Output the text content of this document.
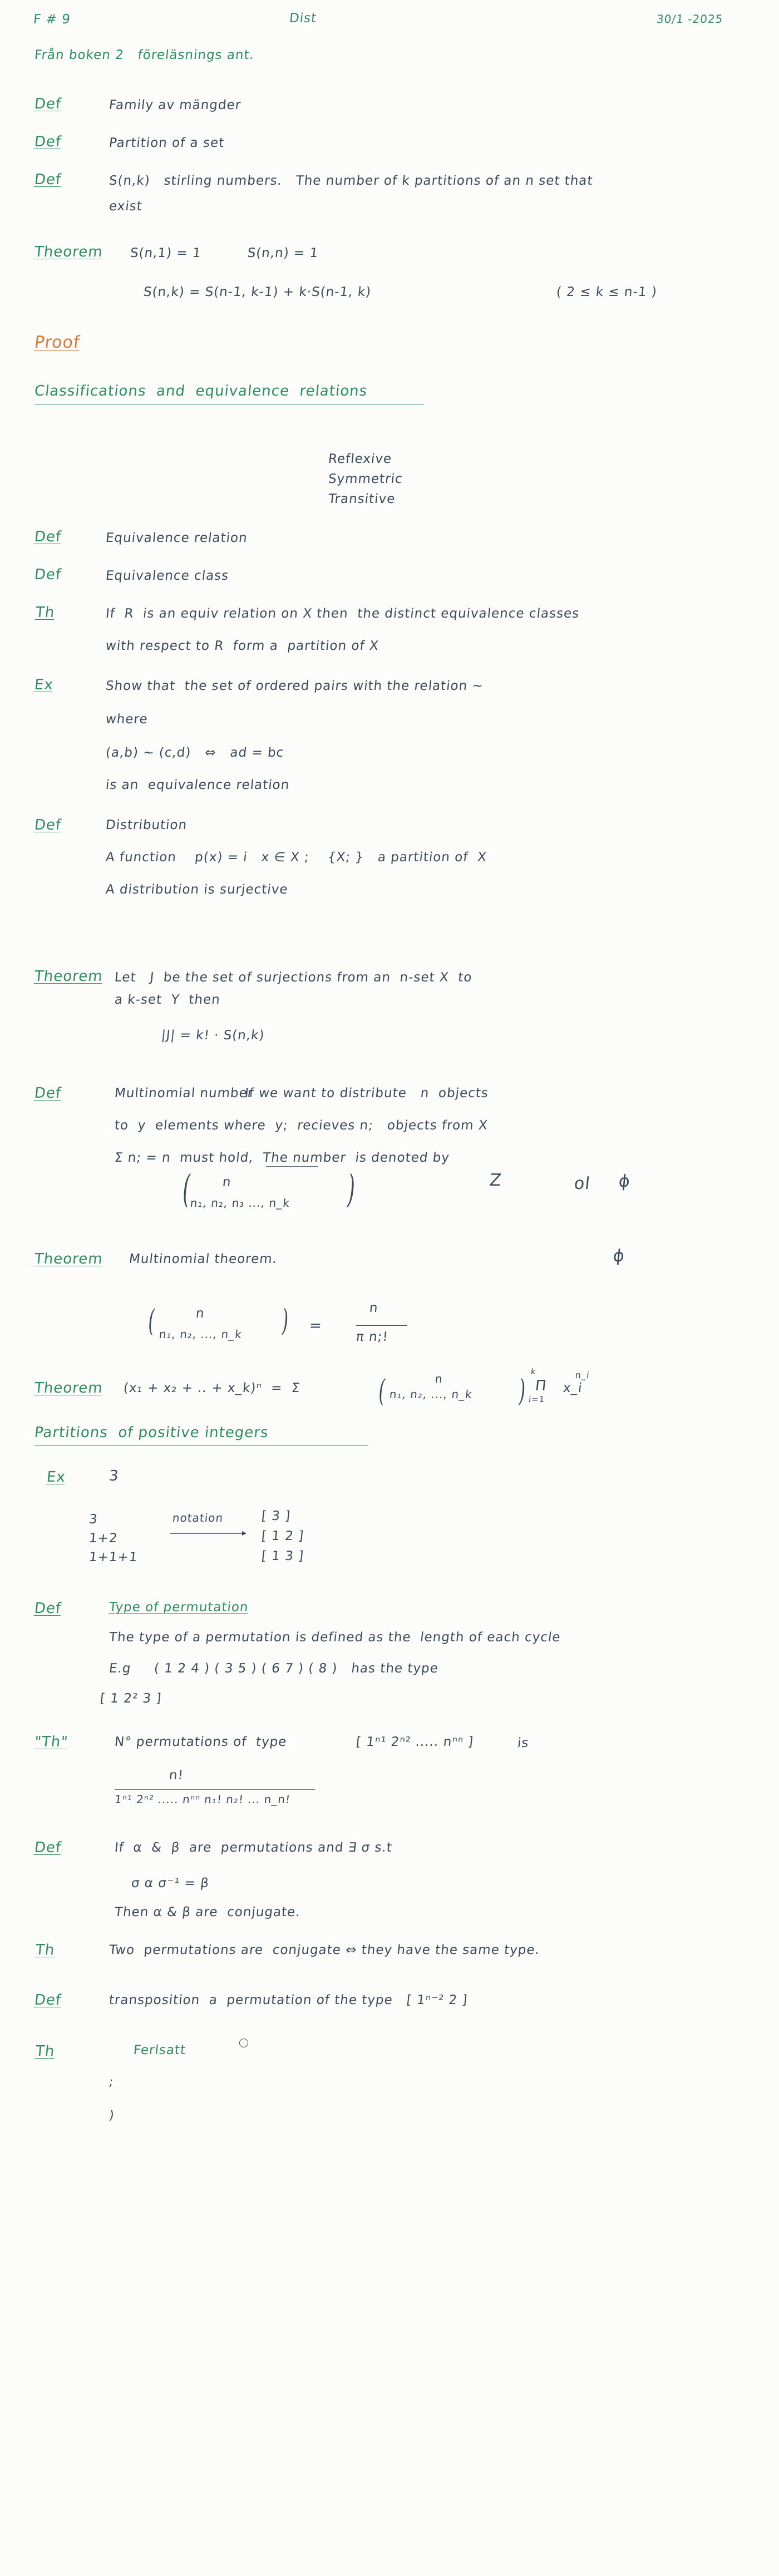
F # 9	Dist	30/1 -2025
Från boken 2   föreläsnings ant.
Def	Family av mängder
Def	Partition of a set
Def	S(n,k)   stirling numbers.   The number of k partitions of an n set that
exist
Theorem S(n,1) = 1          S(n,n) = 1
S(n,k) = S(n-1, k-1) + k·S(n-1, k)	( 2 ≤ k ≤ n-1 )
Proof
Classifications  and  equivalence  relations
Reflexive
Symmetric
Transitive
Def	Equivalence relation
Def	Equivalence class
Th	If  R  is an equiv relation on X then  the distinct equivalence classes
with respect to R  form a  partition of X
Ex	Show that  the set of ordered pairs with the relation ~
where
(a,b) ~ (c,d)   ⇔   ad = bc
is an  equivalence relation
Def	Distribution
A function    p(x) = i   x ∈ X ;    {X; }   a partition of  X
A distribution is surjective
Theorem Let   J  be the set of surjections from an  n-set X  to
a k-set  Y  then
|J| = k! · S(n,k)
Def	Multinomial number
If we want to distribute   n  objects
to  y  elements where  y;  recieves n;   objects from X
Σ n; = n  must hold,  The number  is denoted by
(	)
n
n₁, n₂, n₃ ..., n_k
Z	ol ϕ
Theorem Multinomial theorem.	ϕ
(	)
n
n₁, n₂, ..., n_k	=
n
π n;!
Theorem (x₁ + x₂ + .. + x_k)ⁿ  =  Σ	(	)
n
n₁, n₂, ..., n_k	Π
k
i=1
x_i
n_i
Partitions  of positive integers
Ex	3
3
1+2
1+1+1
notation	[ 3 ]
[ 1 2 ]
[ 1 3 ]
Def	Type of permutation
The type of a permutation is defined as the  length of each cycle
E.g     ( 1 2 4 ) ( 3 5 ) ( 6 7 ) ( 8 )   has the type
[ 1 2² 3 ]
"Th"	N° permutations of  type	[ 1ⁿ¹ 2ⁿ² ..... nⁿⁿ ]	is
n!
1ⁿ¹ 2ⁿ² ..... nⁿⁿ n₁! n₂! ... n_n!
Def	If  α  &  β  are  permutations and ∃ σ s.t
σ α σ⁻¹ = β
Then α & β are  conjugate.
Th	Two  permutations are  conjugate ⇔ they have the same type.
Def	transposition  a  permutation of the type   [ 1ⁿ⁻² 2 ]
Th	Ferlsatt
;
)
